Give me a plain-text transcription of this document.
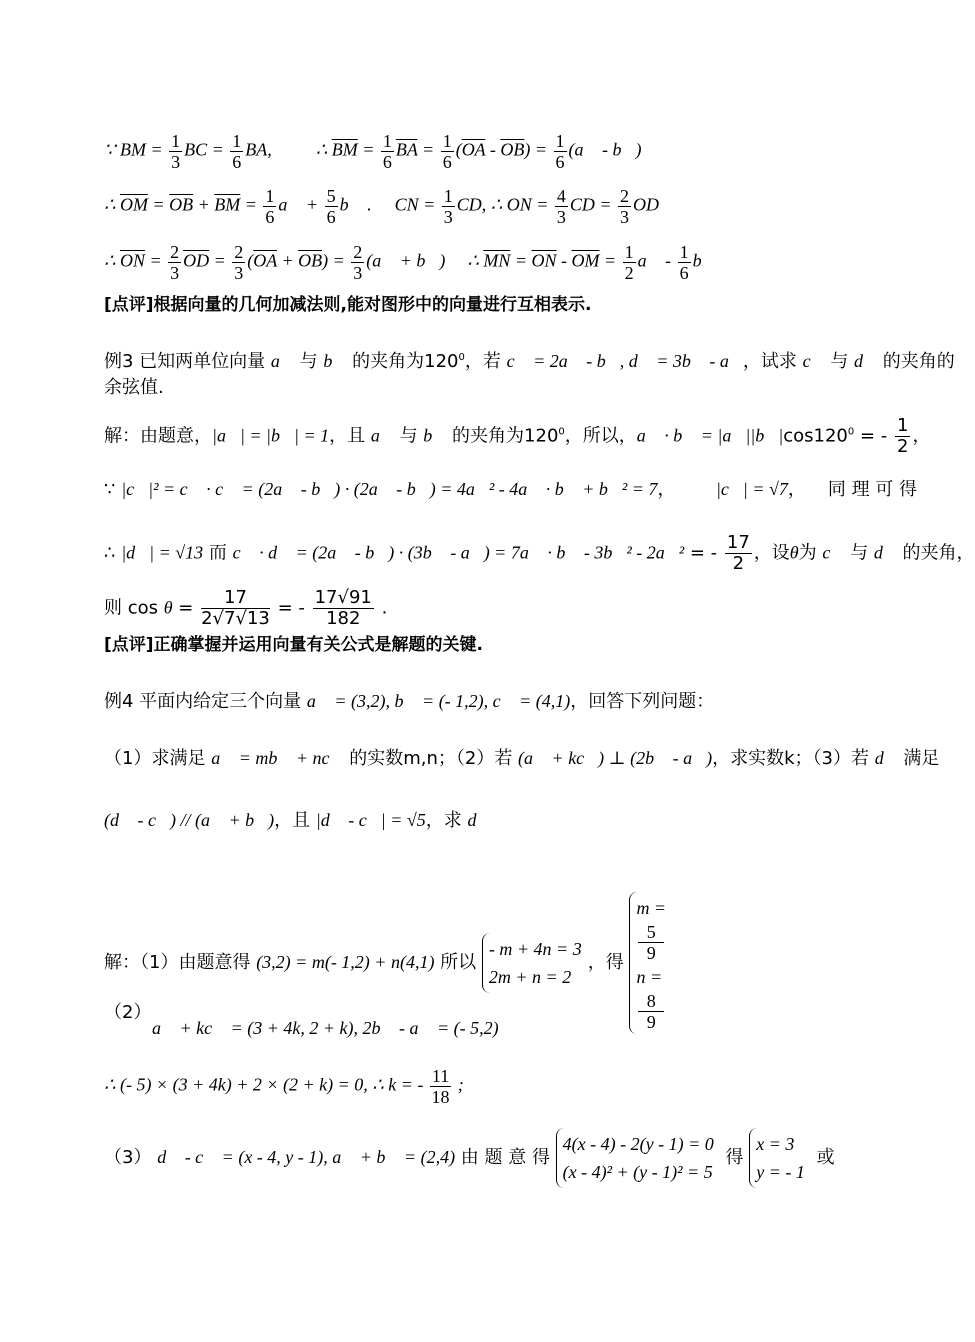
∵ BM = $\frac{1}{3}$ BC = $\frac{1}{6}$ BA, ∴ $\overline{BM} = \frac{1}{6} \overline{BA} = \frac{1}{6} (\overline{OA} - \overline{OB}) = \frac{1}{6}$ (a⃗ - b⃗)
∴ $\overline{OM} = \overline{OB} + \overline{BM} = \frac{1}{6}$ a⃗ + $\frac{5}{6}$ b⃗ . ∵ CN = $\frac{1}{3}$ CD, ∴ ON = $\frac{4}{3}$ CD = $\frac{2}{3}$ OD
∴ $\overline{ON} = \frac{2}{3} \overline{OD} = \frac{2}{3} (\overline{OA} + \overline{OB}) = \frac{2}{3}$ (a⃗ + b⃗) ∴ $\overline{MN} = \overline{ON} - \overline{OM} = \frac{1}{2}$ a⃗ - $\frac{1}{6}$ b⃗
[点评]根据向量的几何加减法则,能对图形中的向量进行互相表示.
例3 已知两单位向量 a⃗ 与 b⃗ 的夹角为$120^0$，若 c⃗ = 2a⃗ - b⃗, d⃗ = 3b⃗ - a⃗，试求 c⃗ 与 d⃗ 的夹角的
余弦值.
解：由题意，|a⃗| = |b⃗| = 1，且 a⃗ 与 b⃗ 的夹角为$120^0$，所以，a⃗ · b⃗ = $|a⃗||b⃗|\cos 120^0$ = - $\frac{1}{2}$ ，
∵ |c⃗|² = c⃗ · c⃗ = (2a⃗ - b⃗) · (2a⃗ - b⃗) = 4a⃗² - 4a⃗ · b⃗ + b⃗² = 7， ∴ |c⃗| = √7， 同 理 可 得
∴ |d⃗| = √13 而 c⃗ · d⃗ = (2a⃗ - b⃗) · (3b⃗ - a⃗) = 7a⃗ · b⃗ - 3b⃗² - 2a⃗² = - $\frac{17}{2}$ ，设θ为 c⃗ 与 d⃗ 的夹角，
则 $\cos \theta = \frac{17}{2√7√13}$ = - $\frac{17√91}{182}$ .
[点评]正确掌握并运用向量有关公式是解题的关键.
例4 平面内给定三个向量 a⃗ = (3,2), b⃗ = (- 1,2), c⃗ = (4,1)，回答下列问题：
（1）求满足 a⃗ = mb⃗ + nc⃗ 的实数m,n；（2）若 (a⃗ + kc⃗) ⊥ (2b⃗ - a⃗)，求实数k；（3）若 d⃗ 满足
(d⃗ - c⃗) // (a⃗ + b⃗)，且 |d⃗ - c⃗| = √5，求 d⃗
解：（1）由题意得 (3,2) = m(- 1,2) + n(4,1) 所以
- m + 4n = 3
2m + n = 2
，得
m =
5
9
n =
8
9
（2）
a⃗ + kc⃗ = (3 + 4k, 2 + k), 2b⃗ - a⃗ = (- 5,2)
∴ (- 5) × (3 + 4k) + 2 × (2 + k) = 0, ∴ k = - $\frac{11}{18}$ ;
（3） d⃗ - c⃗ = (x - 4, y - 1), a⃗ + b⃗ = (2,4) 由 题 意 得
4(x - 4) - 2(y - 1) = 0
(x - 4)² + (y - 1)² = 5
得
x = 3
y = - 1
或
